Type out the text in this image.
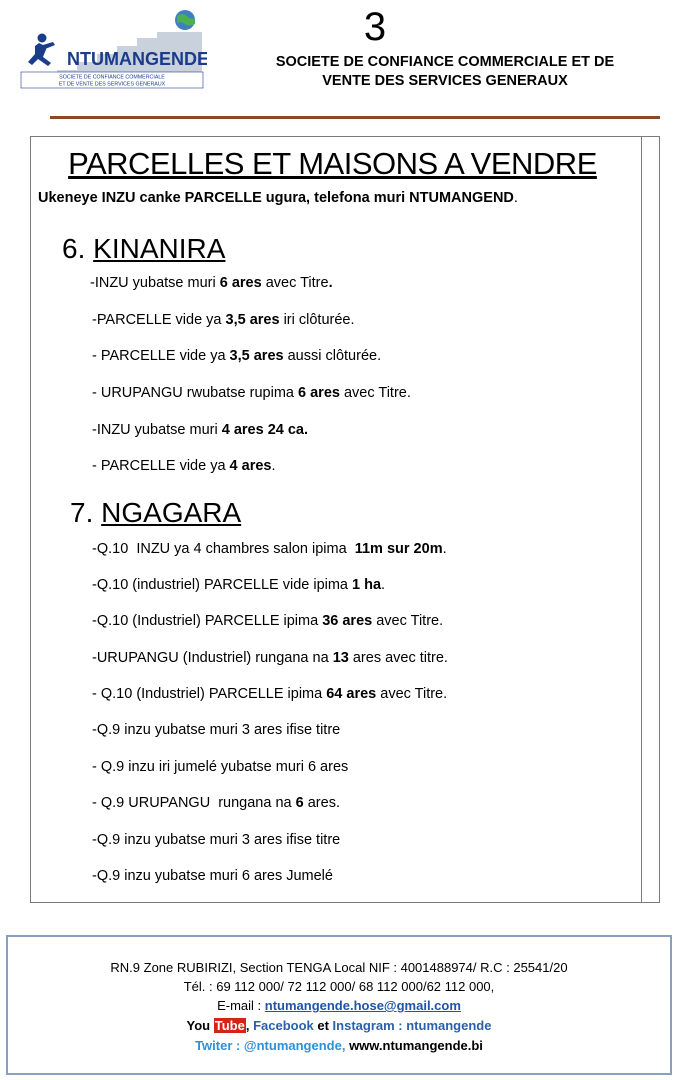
NTUMANGENDE
SOCIETE DE CONFIANCE COMMERCIALE
ET DE VENTE DES SERVICES GENERAUX
3
SOCIETE DE CONFIANCE COMMERCIALE ET DE
VENTE DES SERVICES GENERAUX
PARCELLES ET MAISONS A VENDRE
Ukeneye INZU canke PARCELLE ugura, telefona muri NTUMANGEND.
6. KINANIRA
-INZU yubatse muri 6 ares avec Titre.
-PARCELLE vide ya 3,5 ares iri clôturée.
- PARCELLE vide ya 3,5 ares aussi clôturée.
- URUPANGU rwubatse rupima 6 ares avec Titre.
-INZU yubatse muri 4 ares 24 ca.
- PARCELLE vide ya 4 ares.
7. NGAGARA
-Q.10  INZU ya 4 chambres salon ipima  11m sur 20m.
-Q.10 (industriel) PARCELLE vide ipima 1 ha.
-Q.10 (Industriel) PARCELLE ipima 36 ares avec Titre.
-URUPANGU (Industriel) rungana na 13 ares avec titre.
- Q.10 (Industriel) PARCELLE ipima 64 ares avec Titre.
-Q.9 inzu yubatse muri 3 ares ifise titre
- Q.9 inzu iri jumelé yubatse muri 6 ares
- Q.9 URUPANGU  rungana na 6 ares.
-Q.9 inzu yubatse muri 3 ares ifise titre
-Q.9 inzu yubatse muri 6 ares Jumelé
RN.9 Zone RUBIRIZI, Section TENGA Local NIF : 4001488974/ R.C : 25541/20
Tél. : 69 112 000/ 72 112 000/ 68 112 000/62 112 000,
E-mail : ntumangende.hose@gmail.com
You Tube, Facebook et Instagram : ntumangende
Twiter : @ntumangende, www.ntumangende.bi
